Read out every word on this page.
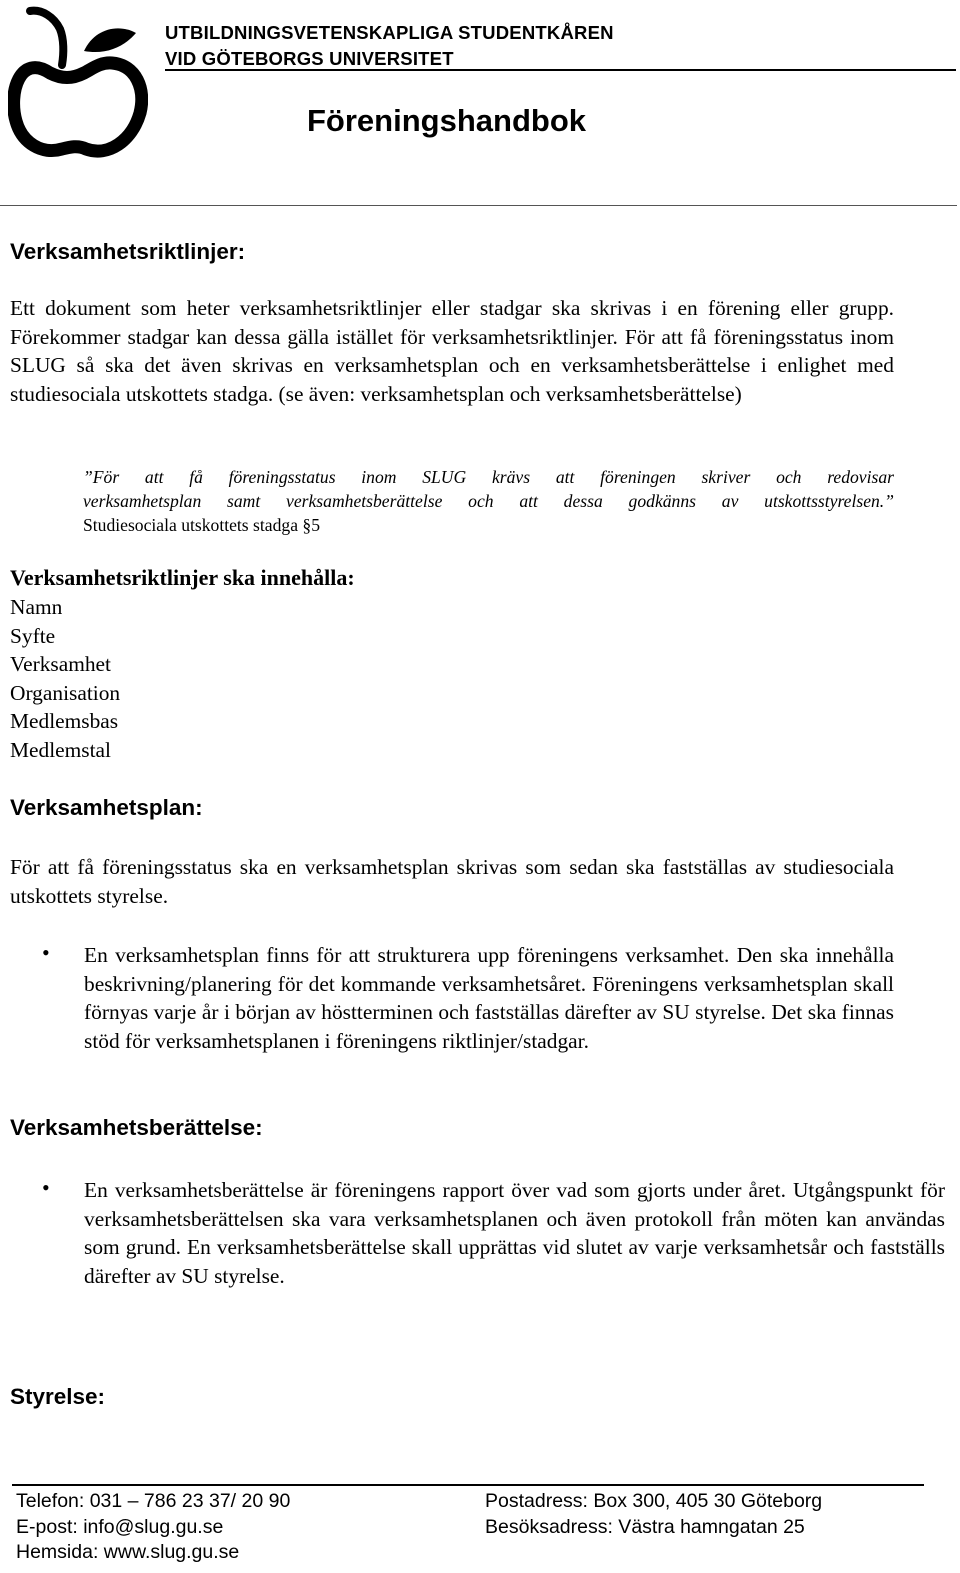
UTBILDNINGSVETENSKAPLIGA STUDENTKÅREN
VID GÖTEBORGS UNIVERSITET
Föreningshandbok
Verksamhetsriktlinjer:
Ett dokument som heter verksamhetsriktlinjer eller stadgar ska skrivas i en förening eller grupp. Förekommer stadgar kan dessa gälla istället för verksamhetsriktlinjer. För att få föreningsstatus inom SLUG så ska det även skrivas en verksamhetsplan och en verksamhetsberättelse i enlighet med studiesociala utskottets stadga. (se även: verksamhetsplan och verksamhetsberättelse)
”För att få föreningsstatus inom SLUG krävs att föreningen skriver och redovisar
verksamhetsplan samt verksamhetsberättelse och att dessa godkänns av utskottsstyrelsen.”
Studiesociala utskottets stadga §5
Verksamhetsriktlinjer ska innehålla:
Namn
Syfte
Verksamhet
Organisation
Medlemsbas
Medlemstal
Verksamhetsplan:
För att få föreningsstatus ska en verksamhetsplan skrivas som sedan ska fastställas av studiesociala utskottets styrelse.
• En verksamhetsplan finns för att strukturera upp föreningens verksamhet. Den ska innehålla beskrivning/planering för det kommande verksamhetsåret. Föreningens verksamhetsplan skall förnyas varje år i början av höstterminen och fastställas därefter av SU styrelse. Det ska finnas stöd för verksamhetsplanen i föreningens riktlinjer/stadgar.
Verksamhetsberättelse:
• En verksamhetsberättelse är föreningens rapport över vad som gjorts under året. Utgångspunkt för verksamhetsberättelsen ska vara verksamhetsplanen och även protokoll från möten kan användas som grund. En verksamhetsberättelse skall upprättas vid slutet av varje verksamhetsår och fastställs därefter av SU styrelse.
Styrelse:
Telefon: 031 – 786 23 37/ 20 90
E-post: info@slug.gu.se
Hemsida: www.slug.gu.se
Postadress: Box 300, 405 30 Göteborg
Besöksadress: Västra hamngatan 25
